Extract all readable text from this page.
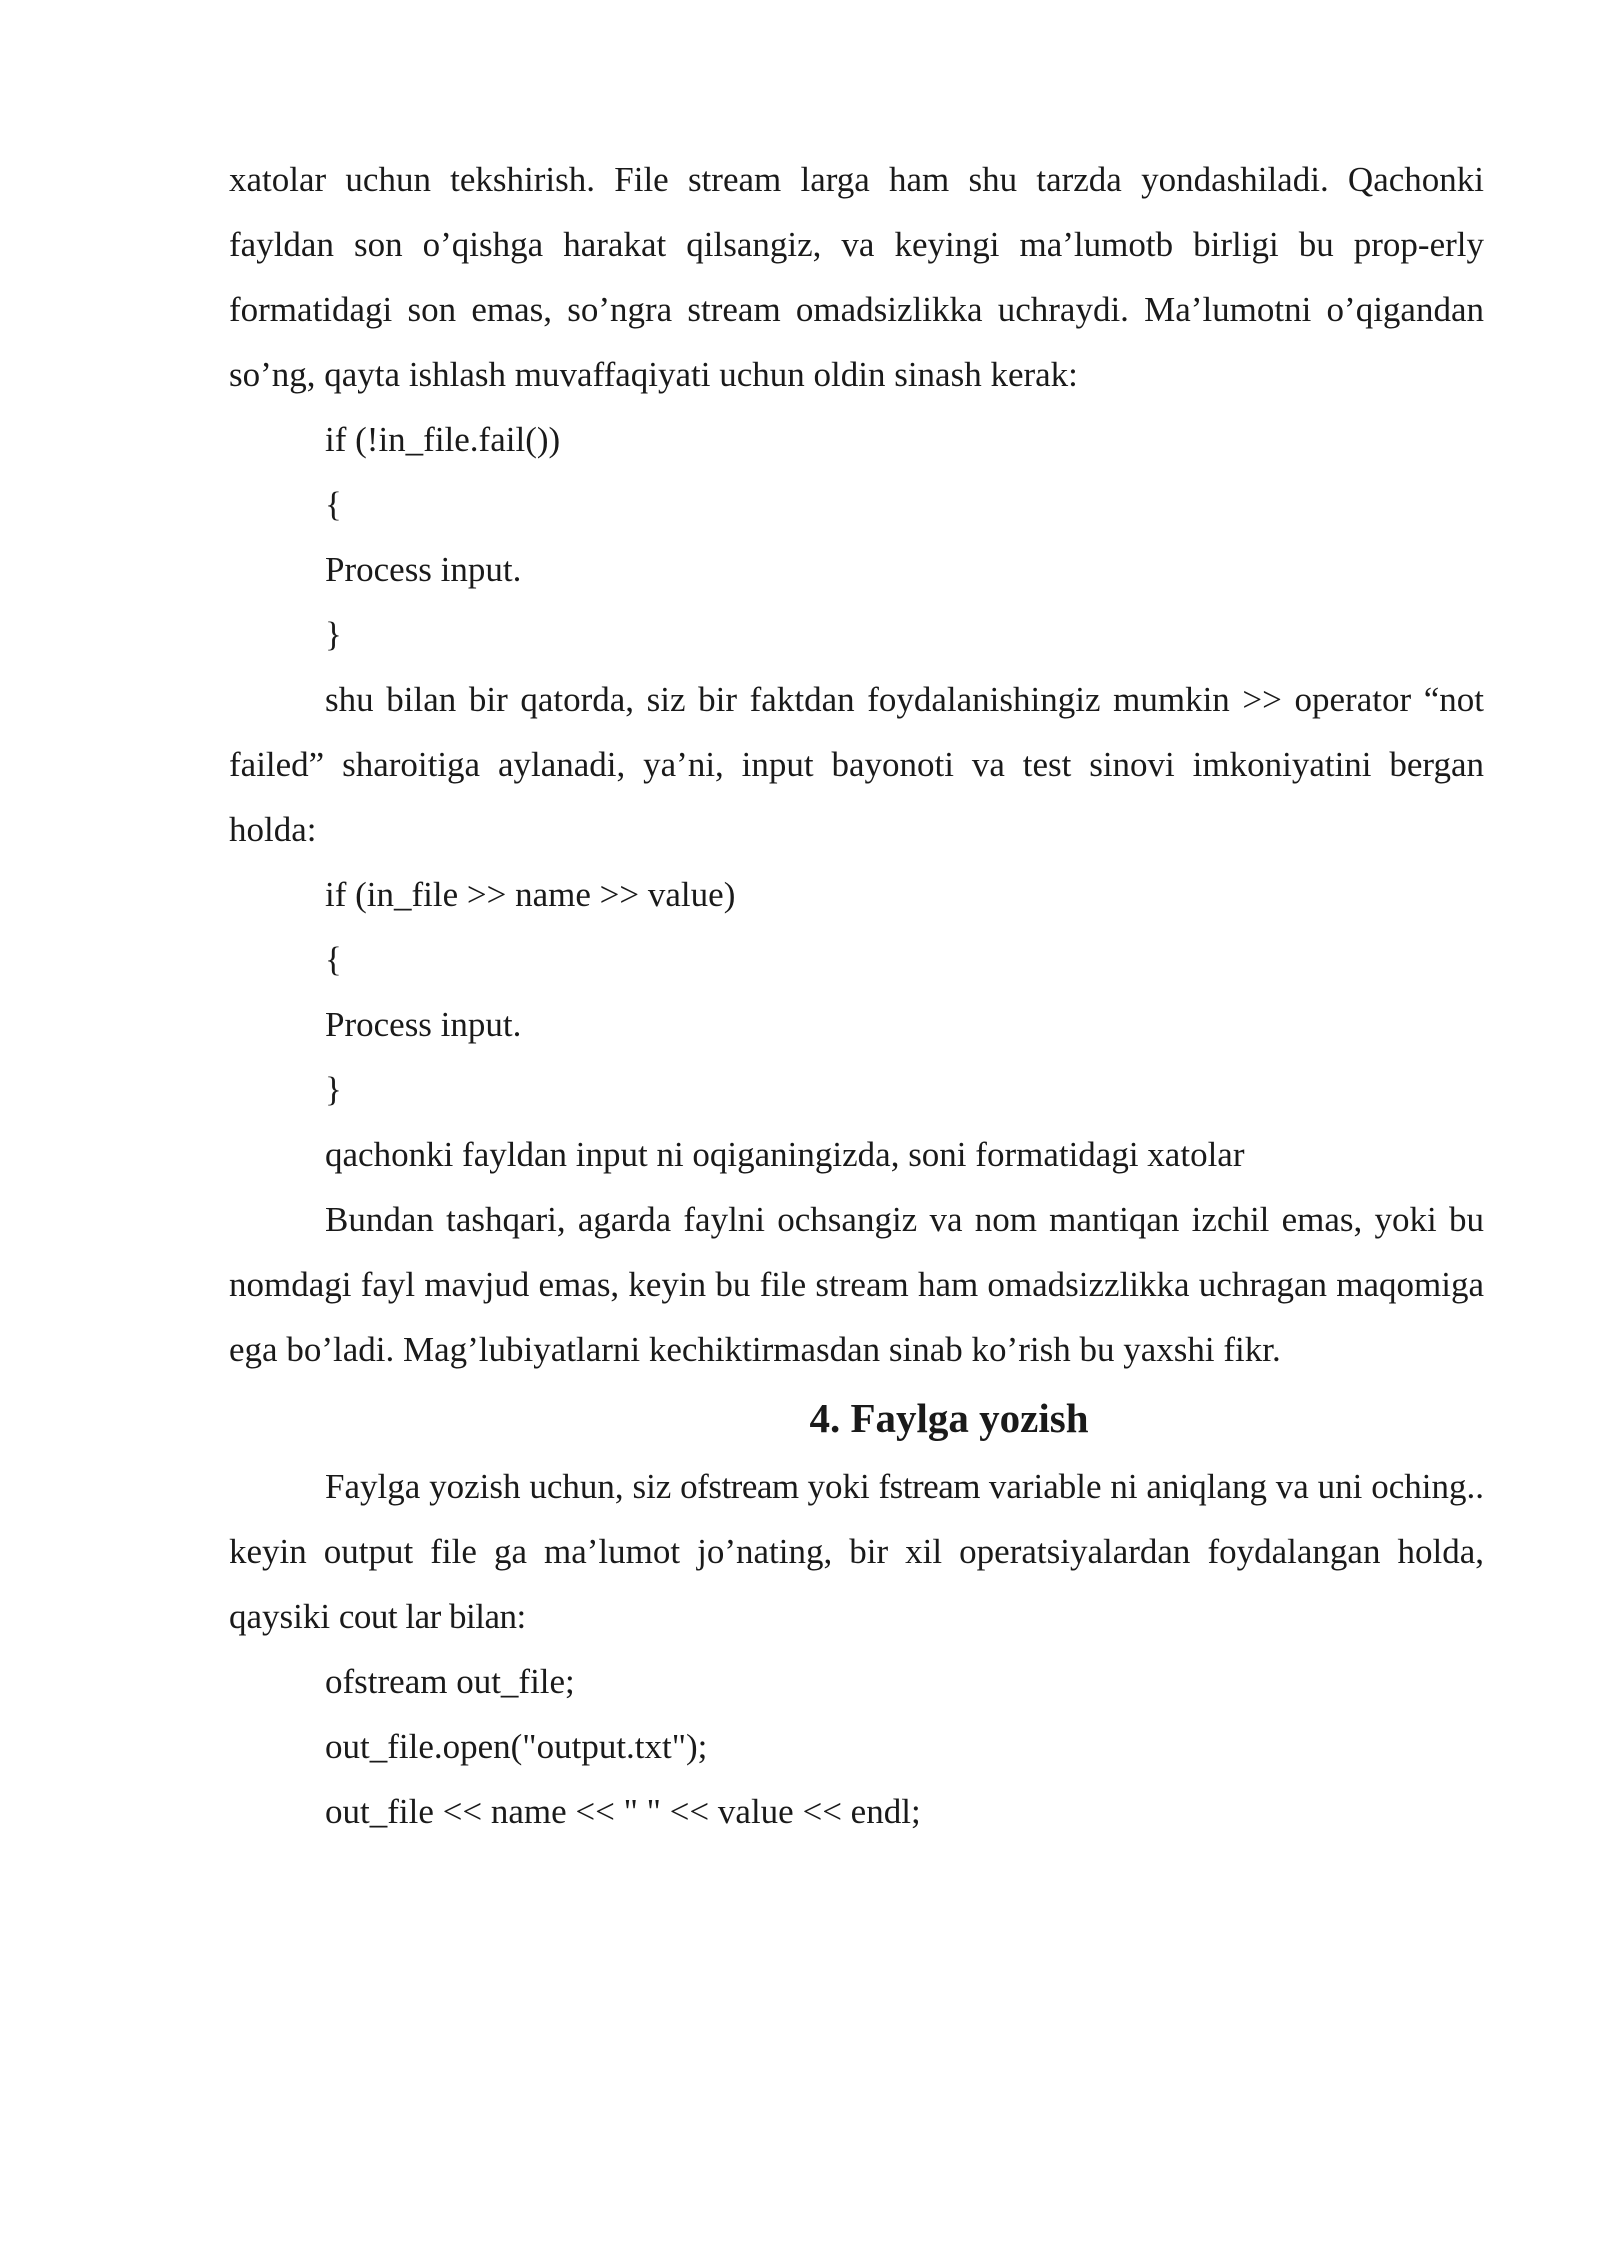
xatolar uchun tekshirish. File stream larga ham shu tarzda yondashiladi. Qachonki fayldan son o’qishga harakat qilsangiz, va keyingi ma’lumotb birligi bu prop-erly formatidagi son emas, so’ngra stream omadsizlikka uchraydi. Ma’lumotni o’qigandan so’ng, qayta ishlash muvaffaqiyati uchun oldin sinash kerak:

if (!in_file.fail())

{

Process input.

}

shu bilan bir qatorda, siz bir faktdan foydalanishingiz mumkin >> operator “not failed” sharoitiga aylanadi, ya’ni, input bayonoti va test sinovi imkoniyatini bergan holda:

if (in_file >> name >> value)

{

Process input.

}

qachonki fayldan input ni oqiganingizda, soni formatidagi xatolar

Bundan tashqari, agarda faylni ochsangiz va nom mantiqan izchil emas, yoki bu nomdagi fayl mavjud emas, keyin bu file stream ham omadsizzlikka uchragan maqomiga ega bo’ladi. Mag’lubiyatlarni kechiktirmasdan sinab ko’rish bu yaxshi fikr.

4. Faylga yozish

Faylga yozish uchun, siz ofstream yoki fstream variable ni aniqlang va uni oching.. keyin output file ga ma’lumot jo’nating, bir xil operatsiyalardan foydalangan holda, qaysiki cout lar bilan:

ofstream out_file;

out_file.open("output.txt");

out_file << name << " " << value << endl;
